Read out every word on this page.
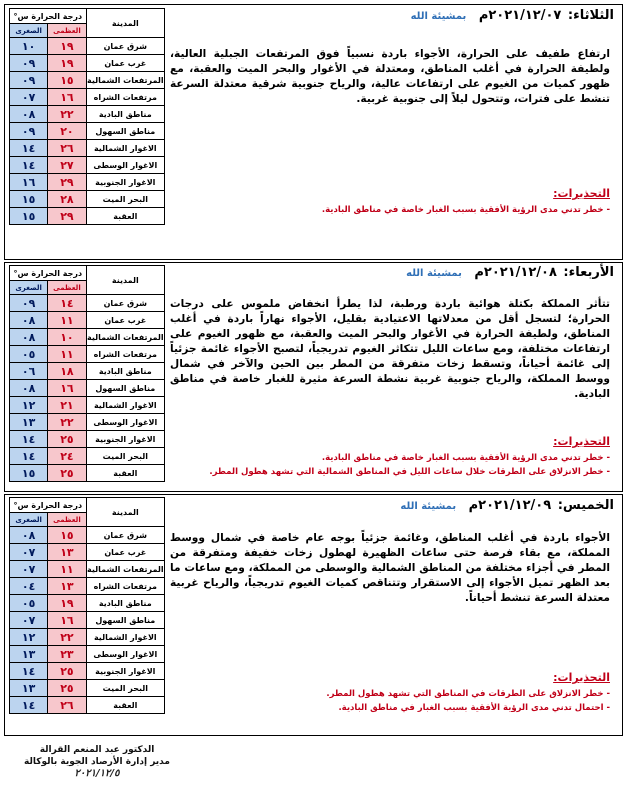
المدينة	درجة الحرارة س°	
	العظمى	الصغرى
شرق عمان	١٩	١٠
غرب عمان	١٩	٠٩
المرتفعات الشمالية	١٥	٠٩
مرتفعات الشراه	١٦	٠٧
مناطق البادية	٢٢	٠٨
مناطق السهول	٢٠	٠٩
الاغوار الشمالية	٢٦	١٤
الاغوار الوسطى	٢٧	١٤
الاغوار الجنوبية	٢٩	١٦
البحر الميت	٢٨	١٥
العقبة	٢٩	١٥
الثلاثاء: ٢٠٢١/١٢/٠٧م بمشيئة الله
ارتفاع طفيف على الحرارة، الأجواء باردة نسبياً فوق المرتفعات الجبلية العالية، ولطيفة الحرارة في أغلب المناطق، ومعتدلة في الأغوار والبحر الميت والعقبة، مع ظهور كميات من الغيوم على ارتفاعات عالية، والرياح جنوبية شرقية معتدلة السرعة تنشط على فترات، وتتحول ليلاً إلى جنوبية غربية.
التحذيرات:
- خطر تدني مدى الرؤية الأفقية بسبب الغبار خاصة في مناطق البادية.
المدينة	درجة الحرارة س°	
	العظمى	الصغرى
شرق عمان	١٤	٠٩
غرب عمان	١١	٠٨
المرتفعات الشمالية	١٠	٠٨
مرتفعات الشراه	١١	٠٥
مناطق البادية	١٨	٠٦
مناطق السهول	١٦	٠٨
الاغوار الشمالية	٢١	١٢
الاغوار الوسطى	٢٢	١٣
الاغوار الجنوبية	٢٥	١٤
البحر الميت	٢٤	١٤
العقبة	٢٥	١٥
الأربعاء: ٢٠٢١/١٢/٠٨م بمشيئة الله
تتأثر المملكة بكتلة هوائية باردة ورطبة، لذا يطرأ انخفاض ملموس على درجات الحرارة؛ لتسجل أقل من معدلاتها الاعتيادية بقليل، الأجواء نهاراً باردة في أغلب المناطق، ولطيفة الحرارة في الأغوار والبحر الميت والعقبة، مع ظهور الغيوم على ارتفاعات مختلفة، ومع ساعات الليل تتكاثر الغيوم تدريجياً، لتصبح الأجواء غائمة جزئياً إلى غائمة أحياناً، وتسقط زخات متفرقة من المطر بين الحين والآخر في شمال ووسط المملكة، والرياح جنوبية غربية نشطة السرعة مثيرة للغبار خاصة في مناطق البادية.
التحذيرات:
- خطر تدني مدى الرؤية الأفقية بسبب الغبار خاصة في مناطق البادية.
- خطر الانزلاق على الطرقات خلال ساعات الليل في المناطق الشمالية التي تشهد هطول المطر.
المدينة	درجة الحرارة س°	
	العظمى	الصغرى
شرق عمان	١٥	٠٨
غرب عمان	١٣	٠٧
المرتفعات الشمالية	١١	٠٧
مرتفعات الشراه	١٣	٠٤
مناطق البادية	١٩	٠٥
مناطق السهول	١٦	٠٧
الاغوار الشمالية	٢٢	١٢
الاغوار الوسطى	٢٣	١٣
الاغوار الجنوبية	٢٥	١٤
البحر الميت	٢٥	١٣
العقبة	٢٦	١٤
الخميس: ٢٠٢١/١٢/٠٩م بمشيئة الله
الأجواء باردة في أغلب المناطق، وغائمة جزئياً بوجه عام خاصة في شمال ووسط المملكة، مع بقاء فرصة حتى ساعات الظهيرة لهطول زخات خفيفة ومتفرقة من المطر في أجزاء مختلفة من المناطق الشمالية والوسطى من المملكة، ومع ساعات ما بعد الظهر تميل الأجواء إلى الاستقرار وتتناقص كميات الغيوم تدريجياً، والرياح غربية معتدلة السرعة تنشط أحياناً.
التحذيرات:
- خطر الانزلاق على الطرقات في المناطق التي تشهد هطول المطر.
- احتمال تدني مدى الرؤية الأفقية بسبب الغبار في مناطق البادية.
الدكتور عبد المنعم القرالة
مدير إدارة الأرصاد الجوية بالوكالة
٢٠٢١/١٢/٥
